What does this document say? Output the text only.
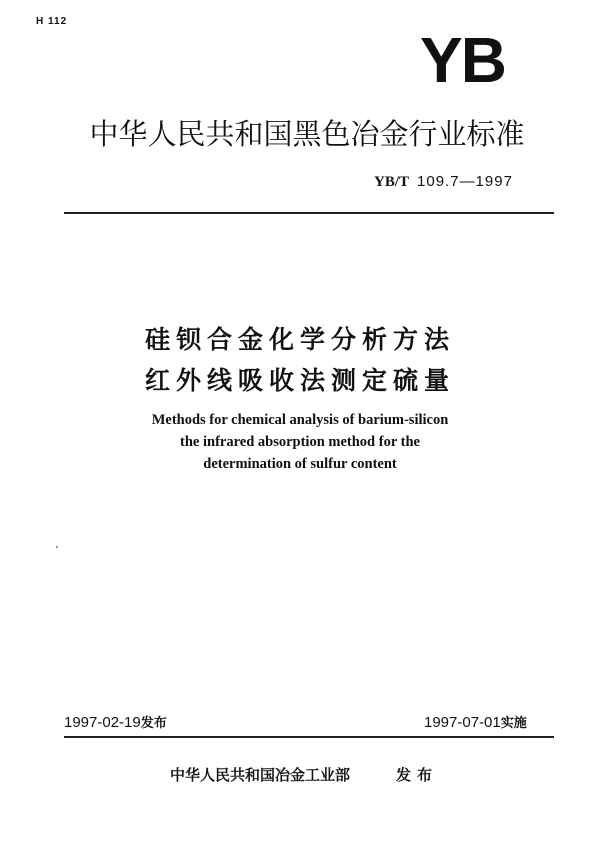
H 112
YB
中华人民共和国黑色冶金行业标准
YB/T 109.7—1997
硅钡合金化学分析方法
红外线吸收法测定硫量
Methods for chemical analysis of barium-silicon
the infrared absorption method for the
determination of sulfur content
1997-02-19发布	1997-07-01实施
中华人民共和国冶金工业部	发布
